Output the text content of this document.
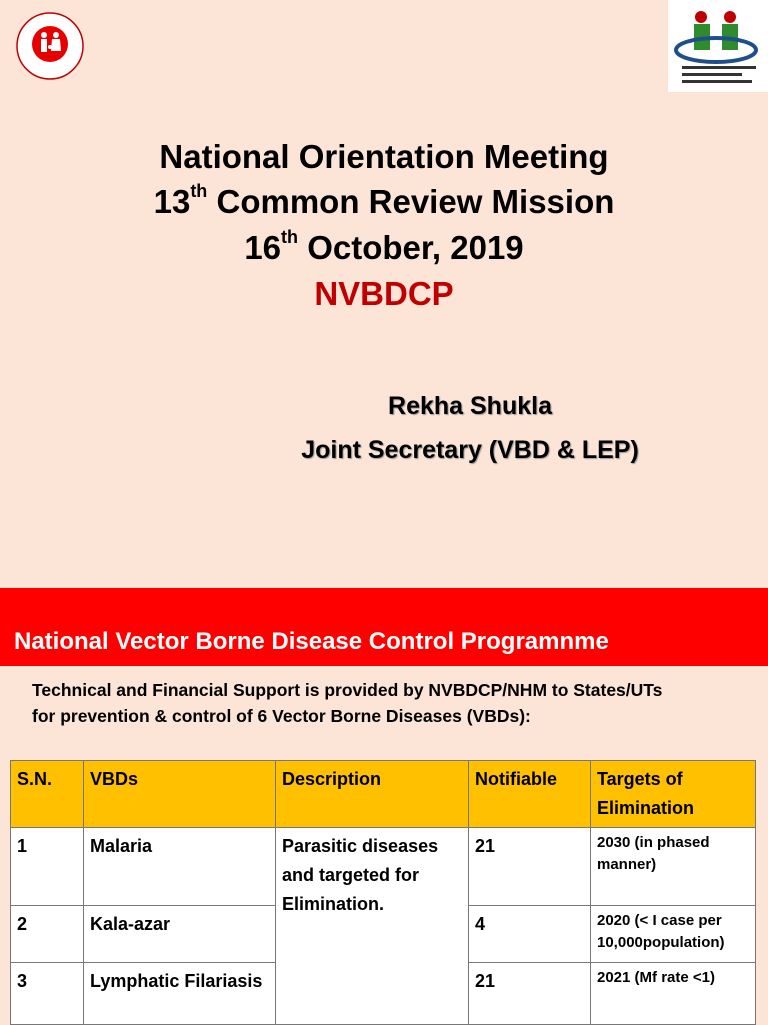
National Orientation Meeting
13th Common Review Mission
16th October, 2019
NVBDCP
Rekha Shukla
Joint Secretary (VBD & LEP)
National Vector Borne Disease Control Programnme
Technical and Financial Support is provided by NVBDCP/NHM to States/UTs
for prevention & control of 6 Vector Borne Diseases (VBDs):
S.N.	VBDs	Description	Notifiable	Targets of Elimination
1	Malaria	Parasitic diseases and targeted for Elimination.	21	2030 (in phased manner)
2	Kala-azar		4	2020 (< I case per 10,000population)
3	Lymphatic Filariasis		21	2021 (Mf rate <1)
